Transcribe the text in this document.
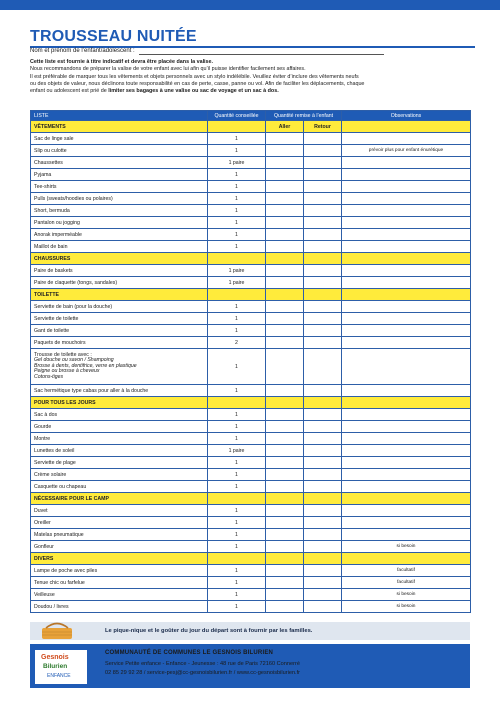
TROUSSEAU NUITÉE
Nom et prénom de l’enfant/adolescent :

Cette liste est fournie à titre indicatif et devra être placée dans la valise.

Nous recommandons de préparer la valise de votre enfant avec lui afin qu’il puisse identifier facilement ses affaires.

Il est préférable de marquer tous les vêtements et objets personnels avec un stylo indélébile. Veuillez éviter d’inclure des vêtements neufs

ou des objets de valeur, nous déclinons toute responsabilité en cas de perte, casse, panne ou vol. Afin de faciliter les déplacements, chaque

enfant ou adolescent est prié de limiter ses bagages à une valise ou sac de voyage et un sac à dos.

LISTE	Quantité conseillée	Quantité remise à l’enfant		Observations
VÊTEMENTS		Aller	Retour	
Sac de linge sale	1			
Slip ou culotte	1			prévoir plus pour enfant énurétique
Chaussettes	1 paire			
Pyjama	1			
Tee-shirts	1			
Pulls (sweats/hoodies ou polaires)	1			
Short, bermuda	1			
Pantalon ou jogging	1			
Anorak imperméable	1			
Maillot de bain	1			
CHAUSSURES				
Paire de baskets	1 paire			
Paire de claquette (tongs, sandales)	1 paire			
TOILETTE				
Serviette de bain (pour la douche)	1			
Serviette de toilette	1			
Gant de toilette	1			
Paquets de mouchoirs	2			

Trousse de toilette avec :
Gel douche ou savon / Shampoing
Brosse à dents, dentifrice, verre en plastique
Peigne ou brosse à cheveux
Cotons-tiges	1			
Sac hermétique type cabas pour aller à la douche	1			
POUR TOUS LES JOURS				
Sac à dos	1			
Gourde	1			
Montre	1			
Lunettes de soleil	1 paire			
Serviette de plage	1			
Crème solaire	1			
Casquette ou chapeau	1			
NÉCESSAIRE POUR LE CAMP				
Duvet	1			
Oreiller	1			
Matelas pneumatique	1			
Gonfleur	1			si besoin
DIVERS				
Lampe de poche avec piles	1			facultatif
Tenue chic ou farfelue	1			facultatif
Veilleuse	1			si besoin
Doudou / livres	1			si besoin
Le pique-nique et le goûter du jour du départ sont à fournir par les familles.
Gesnois
Bilurien
ENFANCE
COMMUNAUTÉ DE COMMUNES LE GESNOIS BILURIEN
Service Petite enfance - Enfance - Jeunesse : 48 rue de Paris 72160 Connerré
02 85 29 92 28 / service-pesj@cc-gesnoisbilurien.fr / www.cc-gesnoisbilurien.fr
